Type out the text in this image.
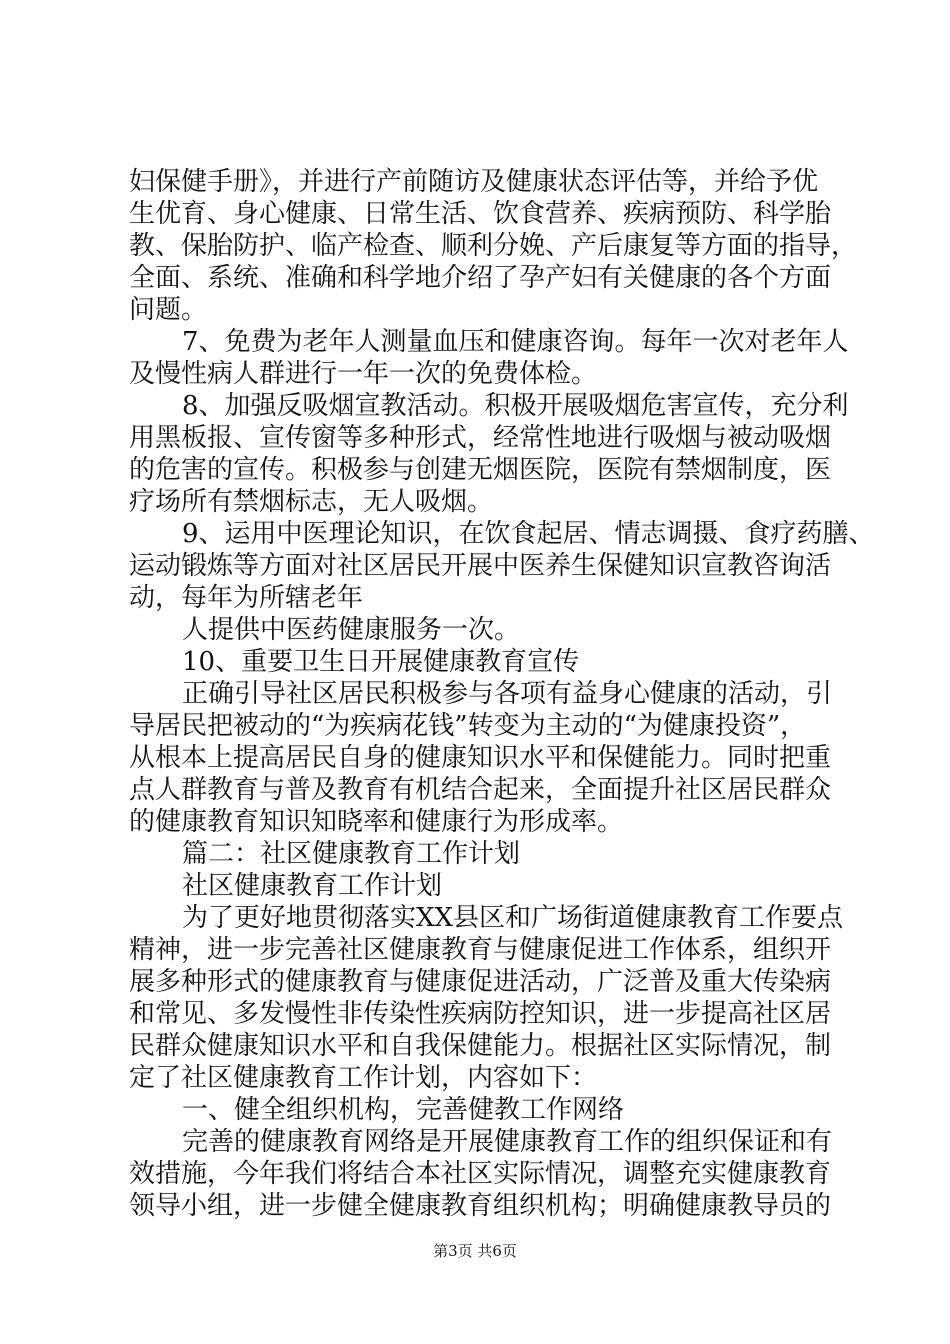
妇保健手册》，并进行产前随访及健康状态评估等，并给予优
生优育、身心健康、日常生活、饮食营养、疾病预防、科学胎
教、保胎防护、临产检查、顺利分娩、产后康复等方面的指导，
全面、系统、准确和科学地介绍了孕产妇有关健康的各个方面
问题。
7、免费为老年人测量血压和健康咨询。每年一次对老年人
及慢性病人群进行一年一次的免费体检。
8、加强反吸烟宣教活动。积极开展吸烟危害宣传，充分利
用黑板报、宣传窗等多种形式，经常性地进行吸烟与被动吸烟
的危害的宣传。积极参与创建无烟医院，医院有禁烟制度，医
疗场所有禁烟标志，无人吸烟。
9、运用中医理论知识，在饮食起居、情志调摄、食疗药膳、
运动锻炼等方面对社区居民开展中医养生保健知识宣教咨询活
动，每年为所辖老年
人提供中医药健康服务一次。
10、重要卫生日开展健康教育宣传
正确引导社区居民积极参与各项有益身心健康的活动，引
导居民把被动的“为疾病花钱”转变为主动的“为健康投资”，
从根本上提高居民自身的健康知识水平和保健能力。同时把重
点人群教育与普及教育有机结合起来，全面提升社区居民群众
的健康教育知识知晓率和健康行为形成率。
篇二：社区健康教育工作计划
社区健康教育工作计划
为了更好地贯彻落实XX县区和广场街道健康教育工作要点
精神，进一步完善社区健康教育与健康促进工作体系，组织开
展多种形式的健康教育与健康促进活动，广泛普及重大传染病
和常见、多发慢性非传染性疾病防控知识，进一步提高社区居
民群众健康知识水平和自我保健能力。根据社区实际情况，制
定了社区健康教育工作计划，内容如下：
一、健全组织机构，完善健教工作网络
完善的健康教育网络是开展健康教育工作的组织保证和有
效措施，今年我们将结合本社区实际情况，调整充实健康教育
领导小组，进一步健全健康教育组织机构；明确健康教导员的
第3页 共6页
